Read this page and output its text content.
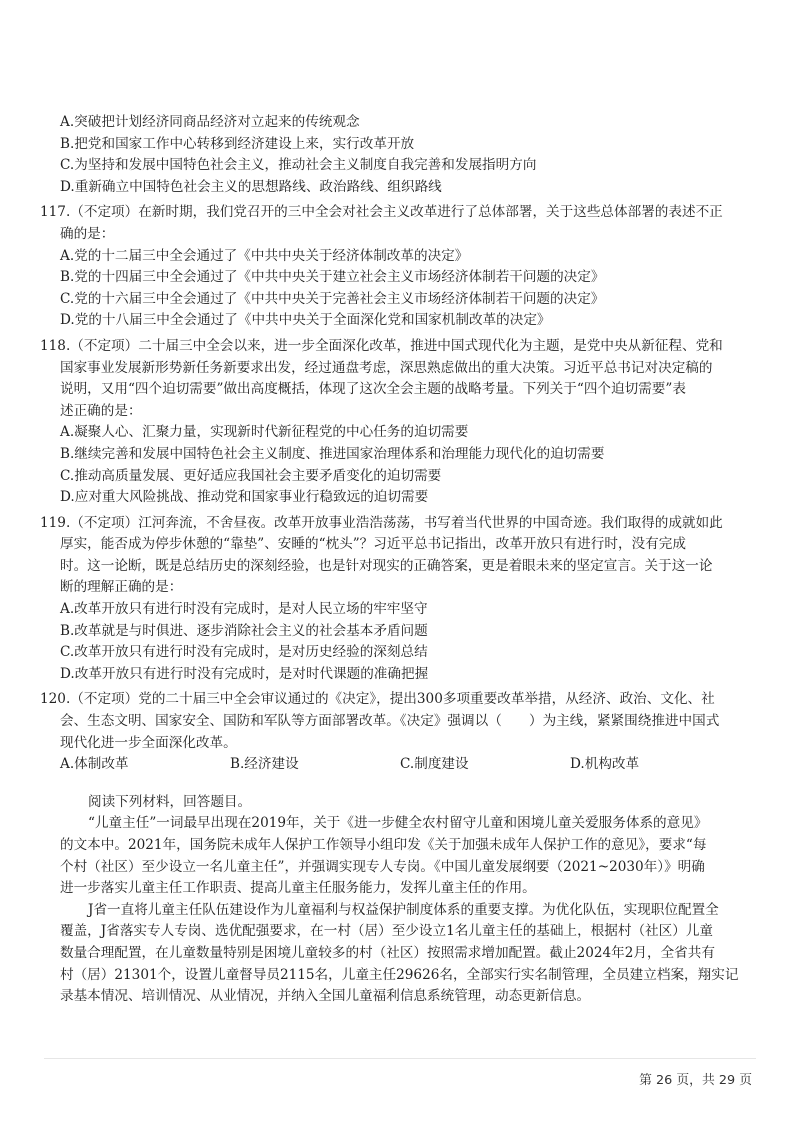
A.突破把计划经济同商品经济对立起来的传统观念
B.把党和国家工作中心转移到经济建设上来，实行改革开放
C.为坚持和发展中国特色社会主义，推动社会主义制度自我完善和发展指明方向
D.重新确立中国特色社会主义的思想路线、政治路线、组织路线
117.（不定项）在新时期，我们党召开的三中全会对社会主义改革进行了总体部署，关于这些总体部署的表述不正
确的是：
A.党的十二届三中全会通过了《中共中央关于经济体制改革的决定》
B.党的十四届三中全会通过了《中共中央关于建立社会主义市场经济体制若干问题的决定》
C.党的十六届三中全会通过了《中共中央关于完善社会主义市场经济体制若干问题的决定》
D.党的十八届三中全会通过了《中共中央关于全面深化党和国家机制改革的决定》
118.（不定项）二十届三中全会以来，进一步全面深化改革，推进中国式现代化为主题，是党中央从新征程、党和
国家事业发展新形势新任务新要求出发，经过通盘考虑，深思熟虑做出的重大决策。习近平总书记对决定稿的
说明，又用“四个迫切需要”做出高度概括，体现了这次全会主题的战略考量。下列关于“四个迫切需要”表
述正确的是：
A.凝聚人心、汇聚力量，实现新时代新征程党的中心任务的迫切需要
B.继续完善和发展中国特色社会主义制度、推进国家治理体系和治理能力现代化的迫切需要
C.推动高质量发展、更好适应我国社会主要矛盾变化的迫切需要
D.应对重大风险挑战、推动党和国家事业行稳致远的迫切需要
119.（不定项）江河奔流，不舍昼夜。改革开放事业浩浩荡荡，书写着当代世界的中国奇迹。我们取得的成就如此
厚实，能否成为停步休憩的“靠垫”、安睡的“枕头”？习近平总书记指出，改革开放只有进行时，没有完成
时。这一论断，既是总结历史的深刻经验，也是针对现实的正确答案，更是着眼未来的坚定宣言。关于这一论
断的理解正确的是：
A.改革开放只有进行时没有完成时，是对人民立场的牢牢坚守
B.改革就是与时俱进、逐步消除社会主义的社会基本矛盾问题
C.改革开放只有进行时没有完成时，是对历史经验的深刻总结
D.改革开放只有进行时没有完成时，是对时代课题的准确把握
120.（不定项）党的二十届三中全会审议通过的《决定》，提出300多项重要改革举措，从经济、政治、文化、社
会、生态文明、国家安全、国防和军队等方面部署改革。《决定》强调以（　　）为主线，紧紧围绕推进中国式
现代化进一步全面深化改革。
A.体制改革	B.经济建设	C.制度建设	D.机构改革
阅读下列材料，回答题目。
“儿童主任”一词最早出现在2019年，关于《进一步健全农村留守儿童和困境儿童关爱服务体系的意见》
的文本中。2021年，国务院未成年人保护工作领导小组印发《关于加强未成年人保护工作的意见》，要求“每
个村（社区）至少设立一名儿童主任”，并强调实现专人专岗。《中国儿童发展纲要（2021~2030年）》明确
进一步落实儿童主任工作职责、提高儿童主任服务能力，发挥儿童主任的作用。
J省一直将儿童主任队伍建设作为儿童福利与权益保护制度体系的重要支撑。为优化队伍，实现职位配置全
覆盖，J省落实专人专岗、选优配强要求，在一村（居）至少设立1名儿童主任的基础上，根据村（社区）儿童
数量合理配置，在儿童数量特别是困境儿童较多的村（社区）按照需求增加配置。截止2024年2月，全省共有
村（居）21301个，设置儿童督导员2115名，儿童主任29626名，全部实行实名制管理，全员建立档案，翔实记
录基本情况、培训情况、从业情况，并纳入全国儿童福利信息系统管理，动态更新信息。
第 26 页，共 29 页
